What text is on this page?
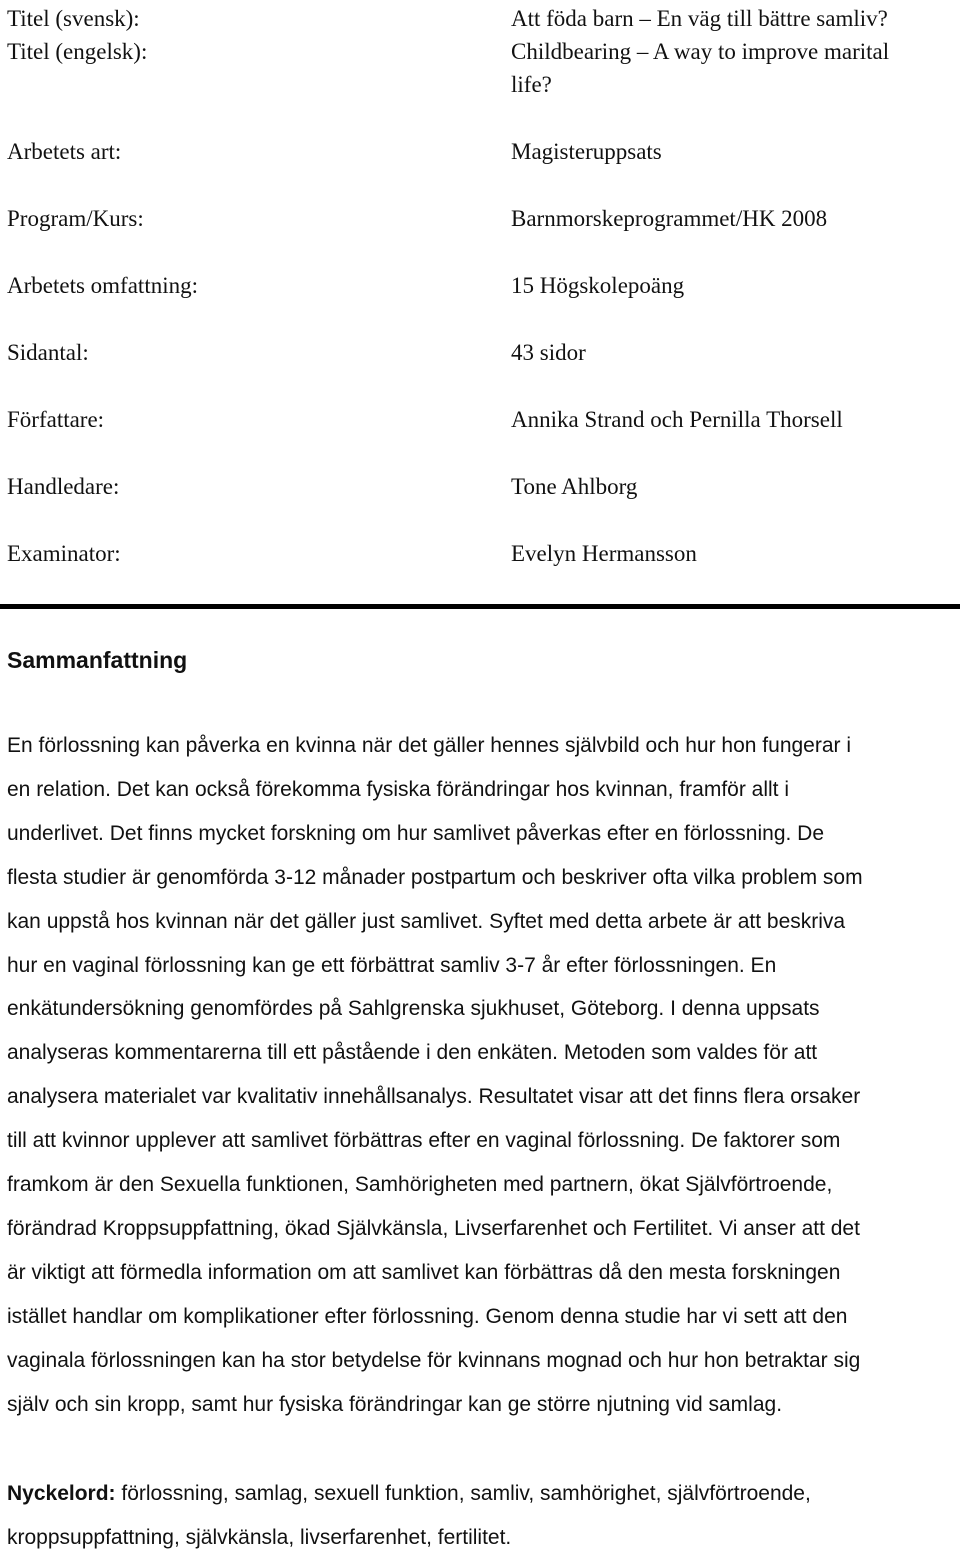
Titel (svensk):	Att föda barn – En väg till bättre samliv?
Titel (engelsk):	Childbearing – A way to improve marital life?
Arbetets art:	Magisteruppsats
Program/Kurs:	Barnmorskeprogrammet/HK 2008
Arbetets omfattning:	15 Högskolepoäng
Sidantal:	43 sidor
Författare:	Annika Strand och Pernilla Thorsell
Handledare:	Tone Ahlborg
Examinator:	Evelyn Hermansson
Sammanfattning
En förlossning kan påverka en kvinna när det gäller hennes självbild och hur hon fungerar i
en relation. Det kan också förekomma fysiska förändringar hos kvinnan, framför allt i
underlivet. Det finns mycket forskning om hur samlivet påverkas efter en förlossning. De
flesta studier är genomförda 3-12 månader postpartum och beskriver ofta vilka problem som
kan uppstå hos kvinnan när det gäller just samlivet. Syftet med detta arbete är att beskriva
hur en vaginal förlossning kan ge ett förbättrat samliv 3-7 år efter förlossningen. En
enkätundersökning genomfördes på Sahlgrenska sjukhuset, Göteborg. I denna uppsats
analyseras kommentarerna till ett påstående i den enkäten. Metoden som valdes för att
analysera materialet var kvalitativ innehållsanalys. Resultatet visar att det finns flera orsaker
till att kvinnor upplever att samlivet förbättras efter en vaginal förlossning. De faktorer som
framkom är den Sexuella funktionen, Samhörigheten med partnern, ökat Självförtroende,
förändrad Kroppsuppfattning, ökad Självkänsla, Livserfarenhet och Fertilitet. Vi anser att det
är viktigt att förmedla information om att samlivet kan förbättras då den mesta forskningen
istället handlar om komplikationer efter förlossning. Genom denna studie har vi sett att den
vaginala förlossningen kan ha stor betydelse för kvinnans mognad och hur hon betraktar sig
själv och sin kropp, samt hur fysiska förändringar kan ge större njutning vid samlag.
Nyckelord: förlossning, samlag, sexuell funktion, samliv, samhörighet, självförtroende,
kroppsuppfattning, självkänsla, livserfarenhet, fertilitet.
